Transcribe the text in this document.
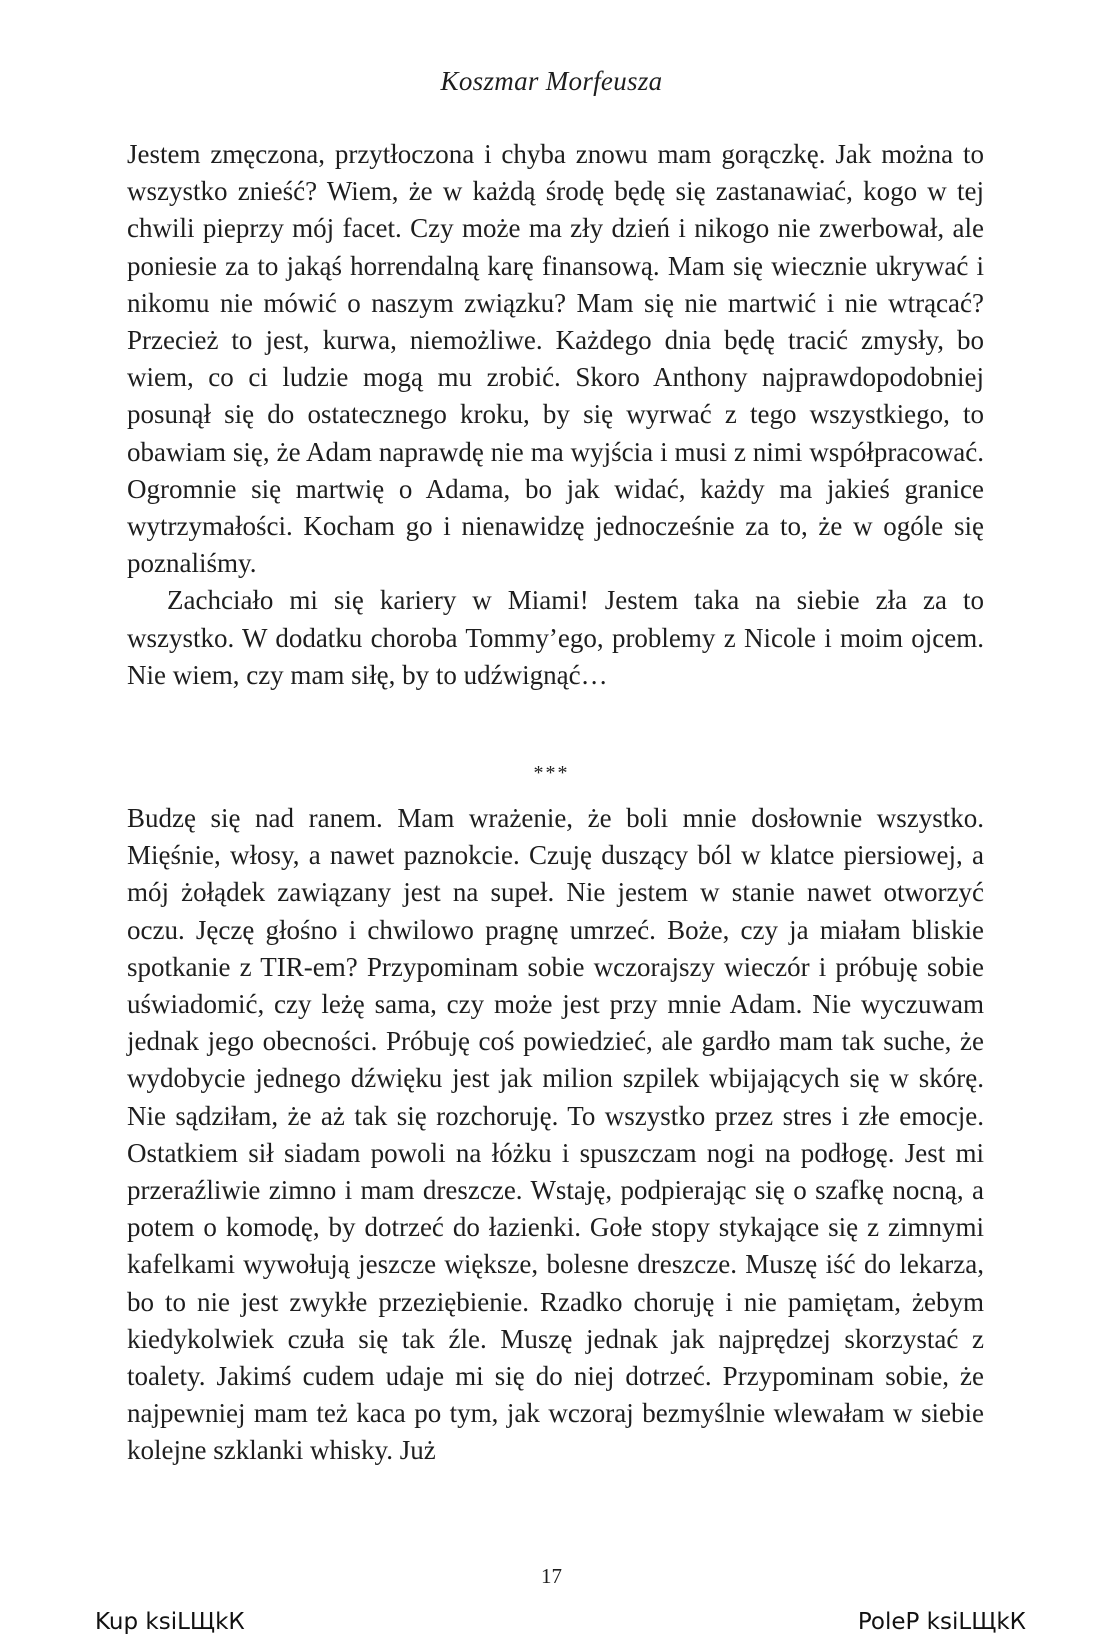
Koszmar Morfeusza

Jestem zmęczona, przytłoczona i chyba znowu mam gorączkę. Jak można to wszystko znieść? Wiem, że w każdą środę będę się zastanawiać, kogo w tej chwili pieprzy mój facet. Czy może ma zły dzień i nikogo nie zwerbował, ale poniesie za to jakąś horrendalną karę finansową. Mam się wiecznie ukrywać i nikomu nie mówić o naszym związku? Mam się nie martwić i nie wtrącać? Przecież to jest, kurwa, niemożliwe. Każdego dnia będę tracić zmysły, bo wiem, co ci ludzie mogą mu zrobić. Skoro Anthony najprawdopodobniej posunął się do ostatecznego kroku, by się wyrwać z tego wszystkiego, to obawiam się, że Adam naprawdę nie ma wyjścia i musi z nimi współpracować. Ogromnie się martwię o Adama, bo jak widać, każdy ma jakieś granice wytrzymałości. Kocham go i nienawidzę jednocześnie za to, że w ogóle się poznaliśmy.

Zachciało mi się kariery w Miami! Jestem taka na siebie zła za to wszystko. W dodatku choroba Tommy’ego, problemy z Nicole i moim ojcem. Nie wiem, czy mam siłę, by to udźwignąć…

***

Budzę się nad ranem. Mam wrażenie, że boli mnie dosłownie wszystko. Mięśnie, włosy, a nawet paznokcie. Czuję duszący ból w klatce piersiowej, a mój żołądek zawiązany jest na supeł. Nie jestem w stanie nawet otworzyć oczu. Jęczę głośno i chwilowo pragnę umrzeć. Boże, czy ja miałam bliskie spotkanie z TIR-em? Przypominam sobie wczorajszy wieczór i próbuję sobie uświadomić, czy leżę sama, czy może jest przy mnie Adam. Nie wyczuwam jednak jego obecności. Próbuję coś powiedzieć, ale gardło mam tak suche, że wydobycie jednego dźwięku jest jak milion szpilek wbijających się w skórę. Nie sądziłam, że aż tak się rozchoruję. To wszystko przez stres i złe emocje. Ostatkiem sił siadam powoli na łóżku i spuszczam nogi na podłogę. Jest mi przeraźliwie zimno i mam dreszcze. Wstaję, podpierając się o szafkę nocną, a potem o komodę, by dotrzeć do łazienki. Gołe stopy stykające się z zimnymi kafelkami wywołują jeszcze większe, bolesne dreszcze. Muszę iść do lekarza, bo to nie jest zwykłe przeziębienie. Rzadko choruję i nie pamiętam, żebym kiedykolwiek czuła się tak źle. Muszę jednak jak najprędzej skorzystać z toalety. Jakimś cudem udaje mi się do niej dotrzeć. Przypominam sobie, że najpewniej mam też kaca po tym, jak wczoraj bezmyślnie wlewałam w siebie kolejne szklanki whisky. Już

17
Kup ksiLЩkК	PoleP ksiLЩkК
